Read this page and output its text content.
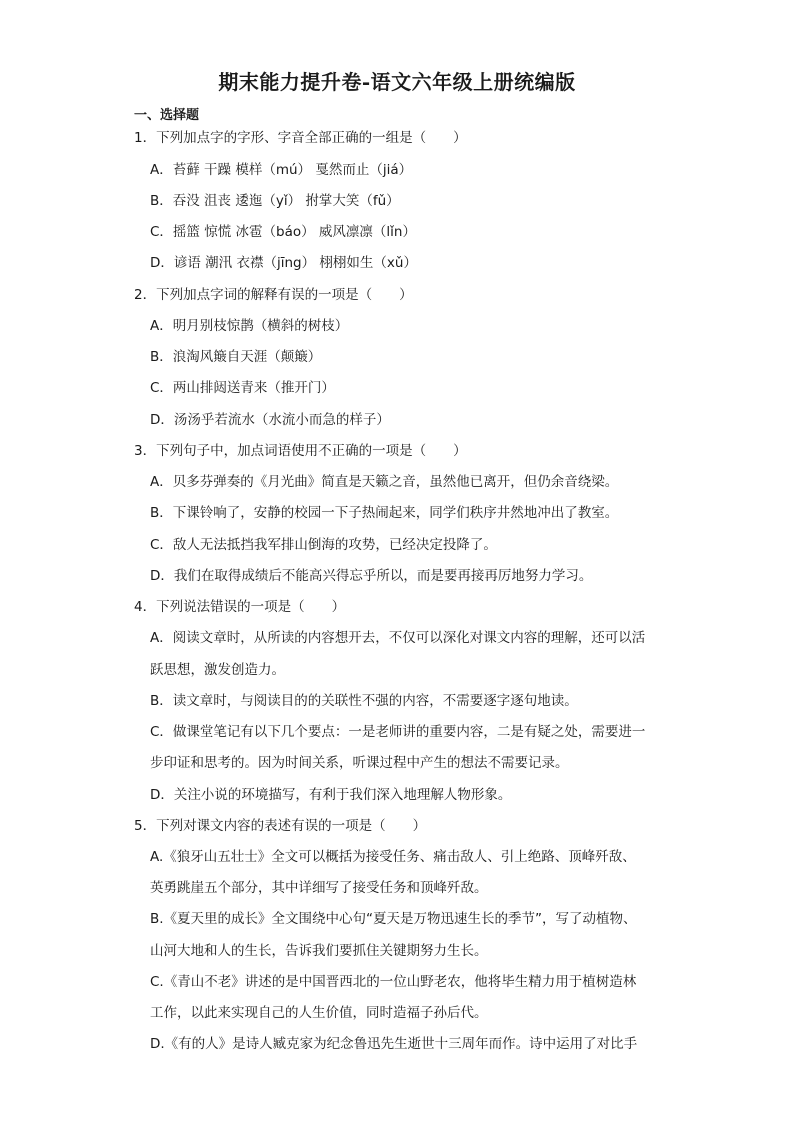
期末能力提升卷-语文六年级上册统编版
一、选择题
1．下列加点字的字形、字音全部正确的一组是（　　）
A．苔藓 干躁 模样（mú） 戛然而止（jiá）
B．吞没 沮丧 逶迤（yǐ） 拊掌大笑（fǔ）
C．摇篮 惊慌 冰雹（báo） 威风凛凛（lǐn）
D．谚语 潮汛 衣襟（jīng） 栩栩如生（xǔ）
2．下列加点字词的解释有误的一项是（　　）
A．明月别枝惊鹊（横斜的树枝）
B．浪淘风簸自天涯（颠簸）
C．两山排闼送青来（推开门）
D．汤汤乎若流水（水流小而急的样子）
3．下列句子中，加点词语使用不正确的一项是（　　）
A．贝多芬弹奏的《月光曲》简直是天籁之音，虽然他已离开，但仍余音绕梁。
B．下课铃响了，安静的校园一下子热闹起来，同学们秩序井然地冲出了教室。
C．敌人无法抵挡我军排山倒海的攻势，已经决定投降了。
D．我们在取得成绩后不能高兴得忘乎所以，而是要再接再厉地努力学习。
4．下列说法错误的一项是（　　）
A．阅读文章时，从所读的内容想开去，不仅可以深化对课文内容的理解，还可以活
跃思想，激发创造力。
B．读文章时，与阅读目的的关联性不强的内容，不需要逐字逐句地读。
C．做课堂笔记有以下几个要点：一是老师讲的重要内容，二是有疑之处，需要进一
步印证和思考的。因为时间关系，听课过程中产生的想法不需要记录。
D．关注小说的环境描写，有利于我们深入地理解人物形象。
5．下列对课文内容的表述有误的一项是（　　）
A.《狼牙山五壮士》全文可以概括为接受任务、痛击敌人、引上绝路、顶峰歼敌、
英勇跳崖五个部分，其中详细写了接受任务和顶峰歼敌。
B.《夏天里的成长》全文围绕中心句“夏天是万物迅速生长的季节”，写了动植物、
山河大地和人的生长，告诉我们要抓住关键期努力生长。
C.《青山不老》讲述的是中国晋西北的一位山野老农，他将毕生精力用于植树造林
工作，以此来实现自己的人生价值，同时造福子孙后代。
D.《有的人》是诗人臧克家为纪念鲁迅先生逝世十三周年而作。诗中运用了对比手
